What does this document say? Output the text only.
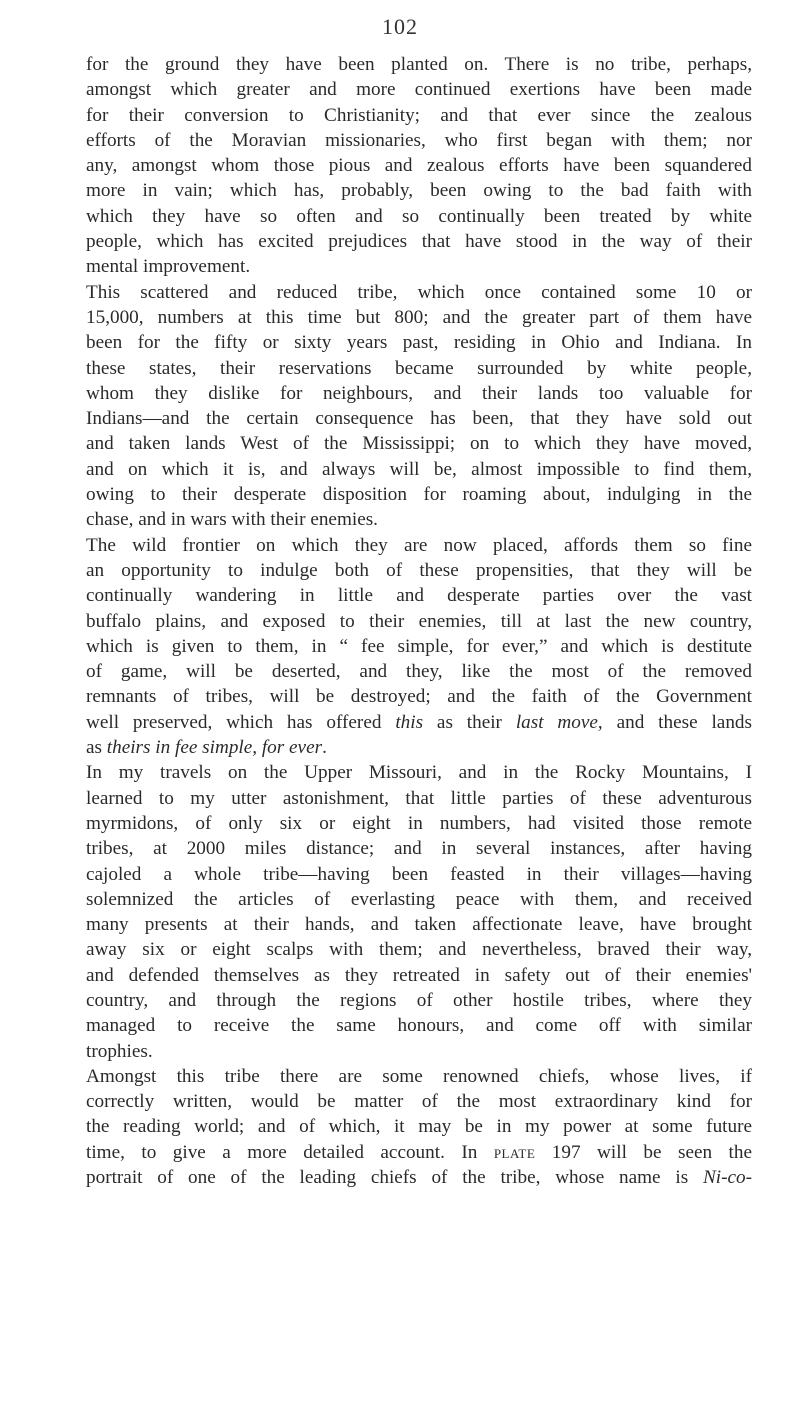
102
for the ground they have been planted on. There is no tribe, perhaps,
amongst which greater and more continued exertions have been made
for their conversion to Christianity; and that ever since the zealous
efforts of the Moravian missionaries, who first began with them; nor
any, amongst whom those pious and zealous efforts have been squandered
more in vain; which has, probably, been owing to the bad faith with
which they have so often and so continually been treated by white
people, which has excited prejudices that have stood in the way of their
mental improvement.
This scattered and reduced tribe, which once contained some 10 or
15,000, numbers at this time but 800; and the greater part of them have
been for the fifty or sixty years past, residing in Ohio and Indiana. In
these states, their reservations became surrounded by white people,
whom they dislike for neighbours, and their lands too valuable for
Indians—and the certain consequence has been, that they have sold out
and taken lands West of the Mississippi; on to which they have moved,
and on which it is, and always will be, almost impossible to find them,
owing to their desperate disposition for roaming about, indulging in the
chase, and in wars with their enemies.
The wild frontier on which they are now placed, affords them so fine
an opportunity to indulge both of these propensities, that they will be
continually wandering in little and desperate parties over the vast
buffalo plains, and exposed to their enemies, till at last the new country,
which is given to them, in “ fee simple, for ever,” and which is destitute
of game, will be deserted, and they, like the most of the removed
remnants of tribes, will be destroyed; and the faith of the Government
well preserved, which has offered this as their last move, and these lands
as theirs in fee simple, for ever.
In my travels on the Upper Missouri, and in the Rocky Mountains, I
learned to my utter astonishment, that little parties of these adventurous
myrmidons, of only six or eight in numbers, had visited those remote
tribes, at 2000 miles distance; and in several instances, after having
cajoled a whole tribe—having been feasted in their villages—having
solemnized the articles of everlasting peace with them, and received
many presents at their hands, and taken affectionate leave, have brought
away six or eight scalps with them; and nevertheless, braved their way,
and defended themselves as they retreated in safety out of their enemies'
country, and through the regions of other hostile tribes, where they
managed to receive the same honours, and come off with similar
trophies.
Amongst this tribe there are some renowned chiefs, whose lives, if
correctly written, would be matter of the most extraordinary kind for
the reading world; and of which, it may be in my power at some future
time, to give a more detailed account. In plate 197 will be seen the
portrait of one of the leading chiefs of the tribe, whose name is Ni-co-
